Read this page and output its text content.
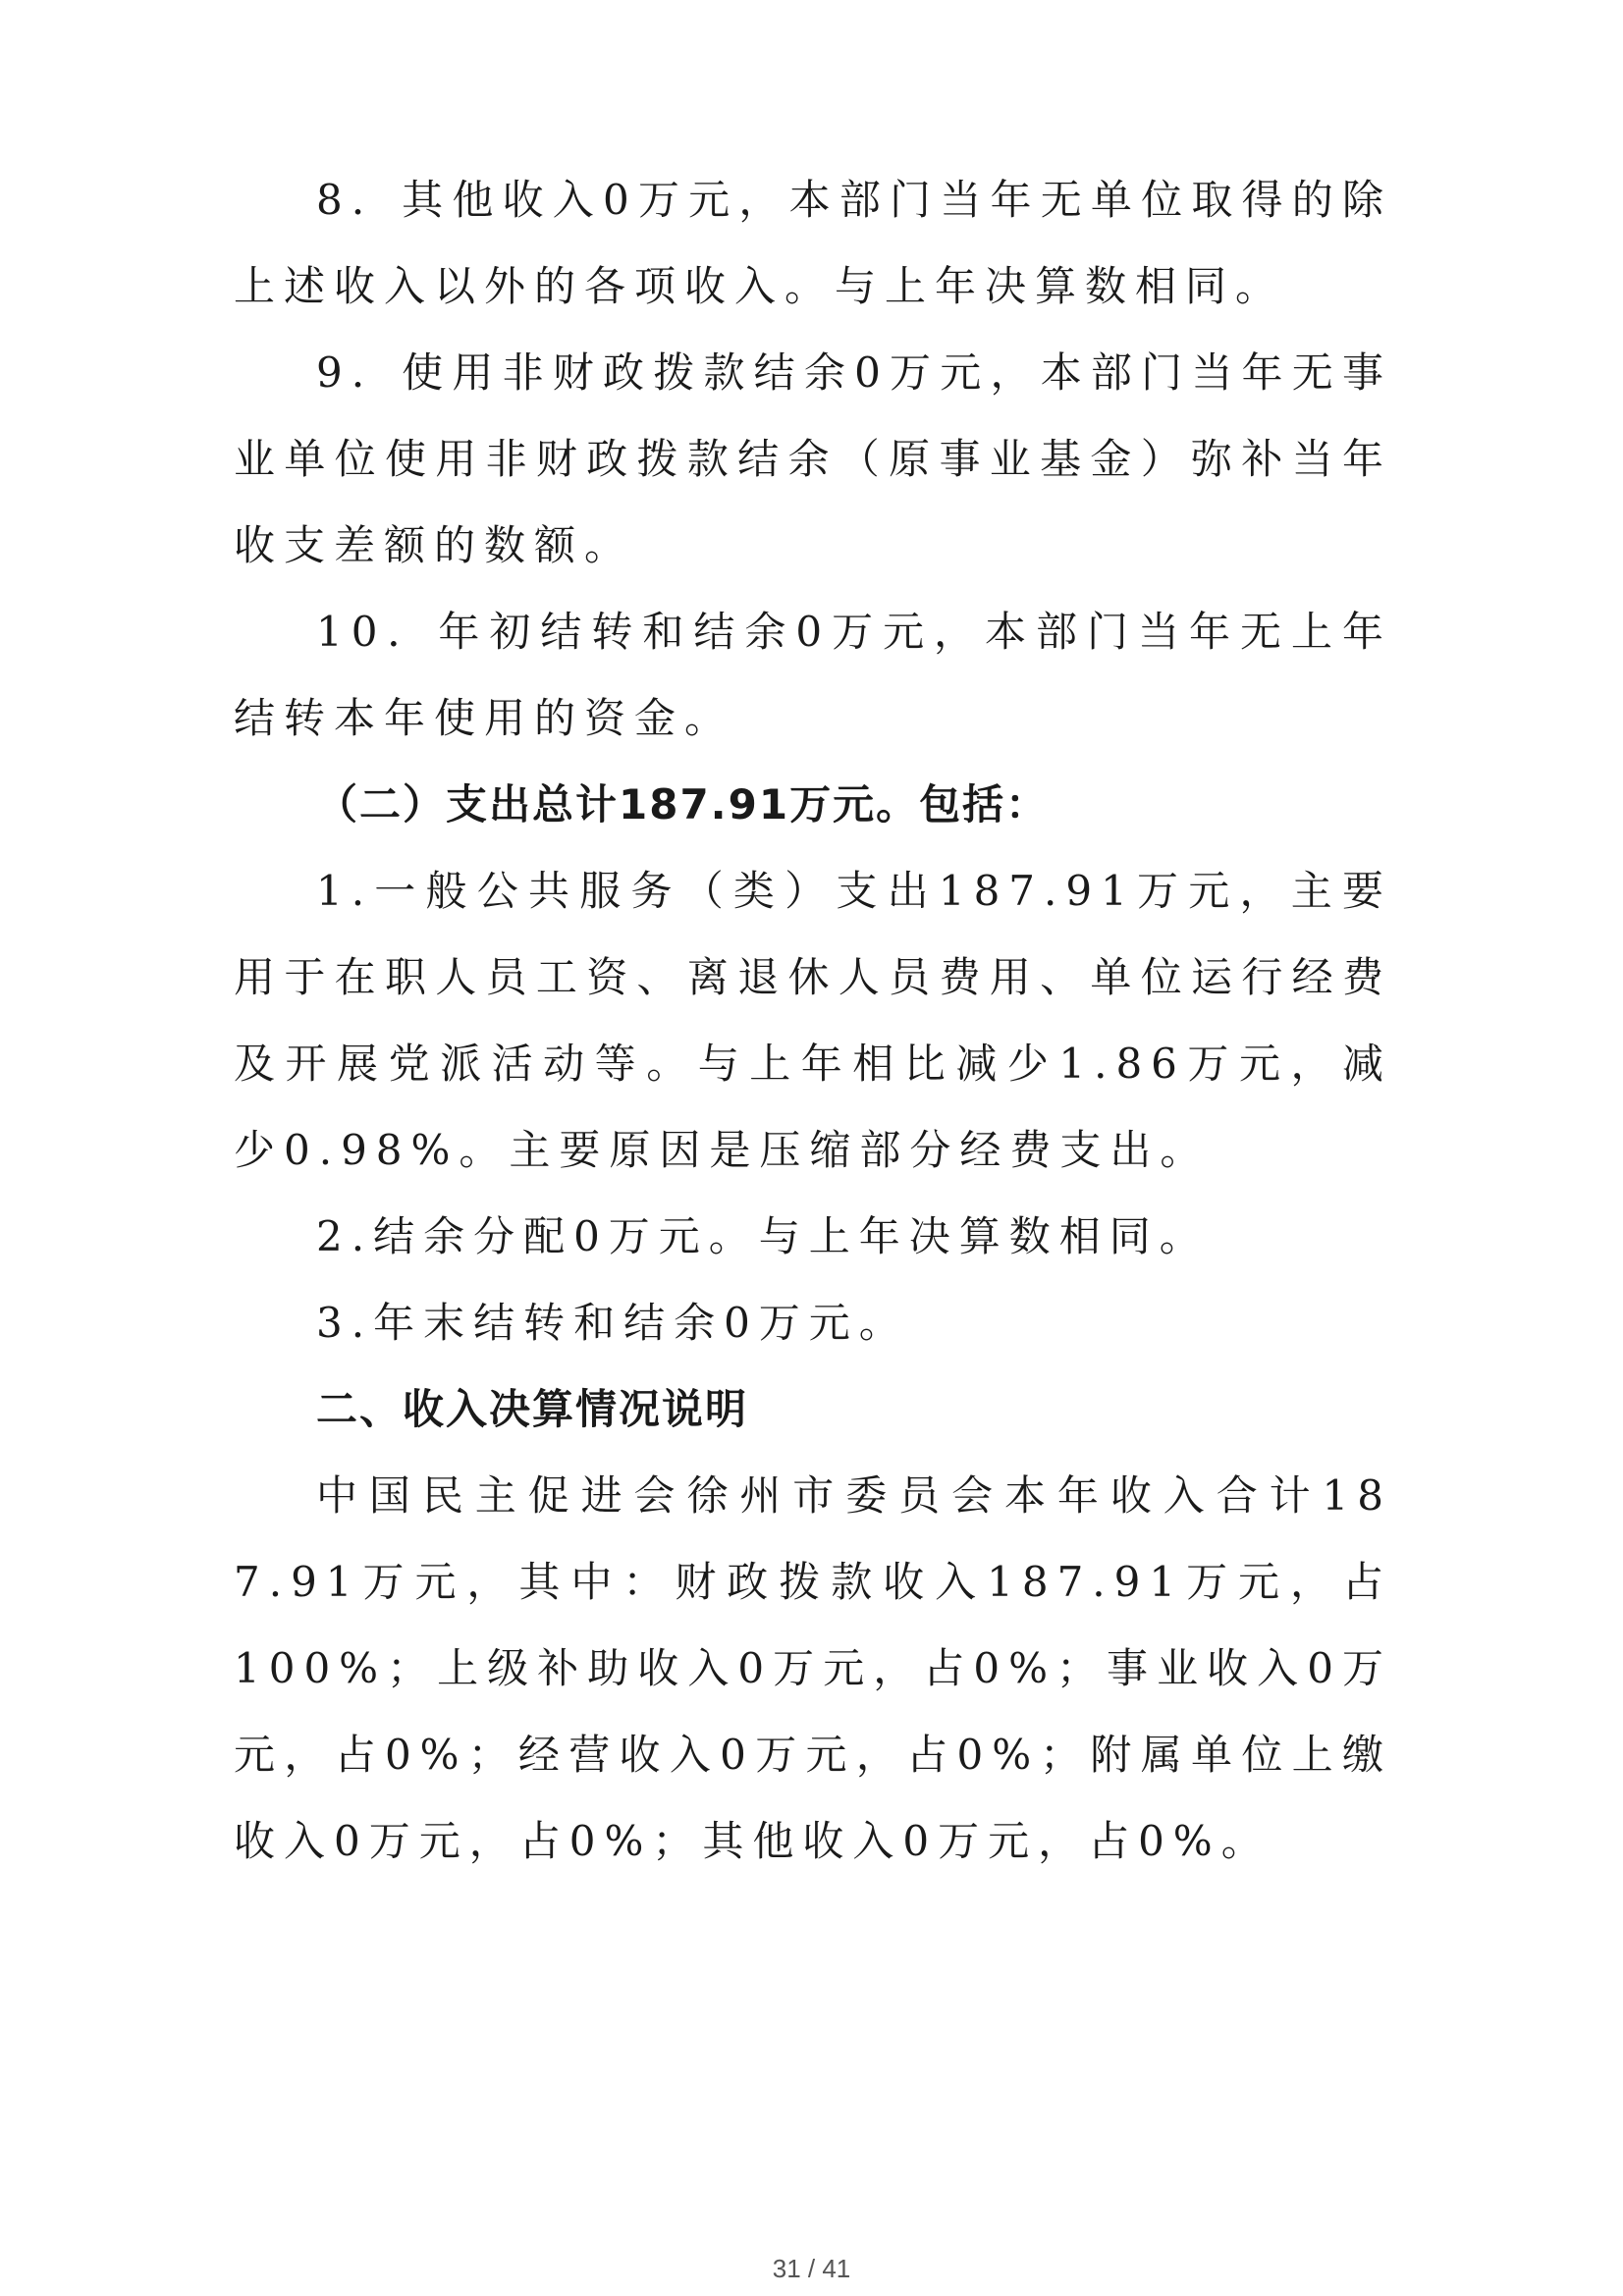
8．其他收入0万元，本部门当年无单位取得的除上述收入以外的各项收入。与上年决算数相同。

9．使用非财政拨款结余0万元，本部门当年无事业单位使用非财政拨款结余（原事业基金）弥补当年收支差额的数额。

10．年初结转和结余0万元，本部门当年无上年结转本年使用的资金。

（二）支出总计187.91万元。包括：

1.一般公共服务（类）支出187.91万元，主要用于在职人员工资、离退休人员费用、单位运行经费及开展党派活动等。与上年相比减少1.86万元，减少0.98%。主要原因是压缩部分经费支出。

2.结余分配0万元。与上年决算数相同。

3.年末结转和结余0万元。

二、收入决算情况说明

中国民主促进会徐州市委员会本年收入合计187.91万元，其中：财政拨款收入187.91万元，占100%；上级补助收入0万元，占0%；事业收入0万元，占0%；经营收入0万元，占0%；附属单位上缴收入0万元，占0%；其他收入0万元，占0%。

31 / 41
